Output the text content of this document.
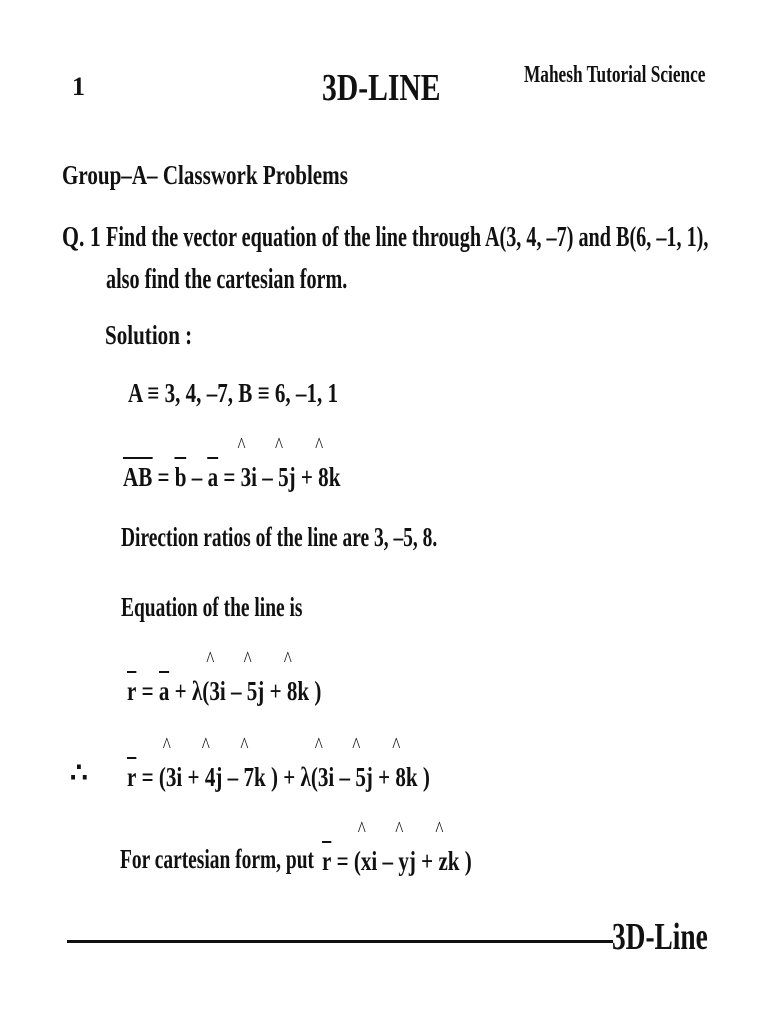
1	3D-LINE	Mahesh Tutorial Science
Group–A– Classwork Problems
Q. 1 Find the vector equation of the line through A(3, 4, –7) and B(6, –1, 1),
also find the cartesian form.
Solution :
A ≡ 3, 4, –7, B ≡ 6, –1, 1
AB = b – a =
^
3i –
^
5j +
^
8k
Direction ratios of the line are 3, –5, 8.
Equation of the line is
r = a + λ(
^
3i –
^
5j +
^
8k )
∴ r = (
^
3i +
^
4j –
^
7k ) + λ(
^
3i –
^
5j +
^
8k )
For cartesian form, put r = (
^
xi –
^
yj +
^
zk )
3D-Line
